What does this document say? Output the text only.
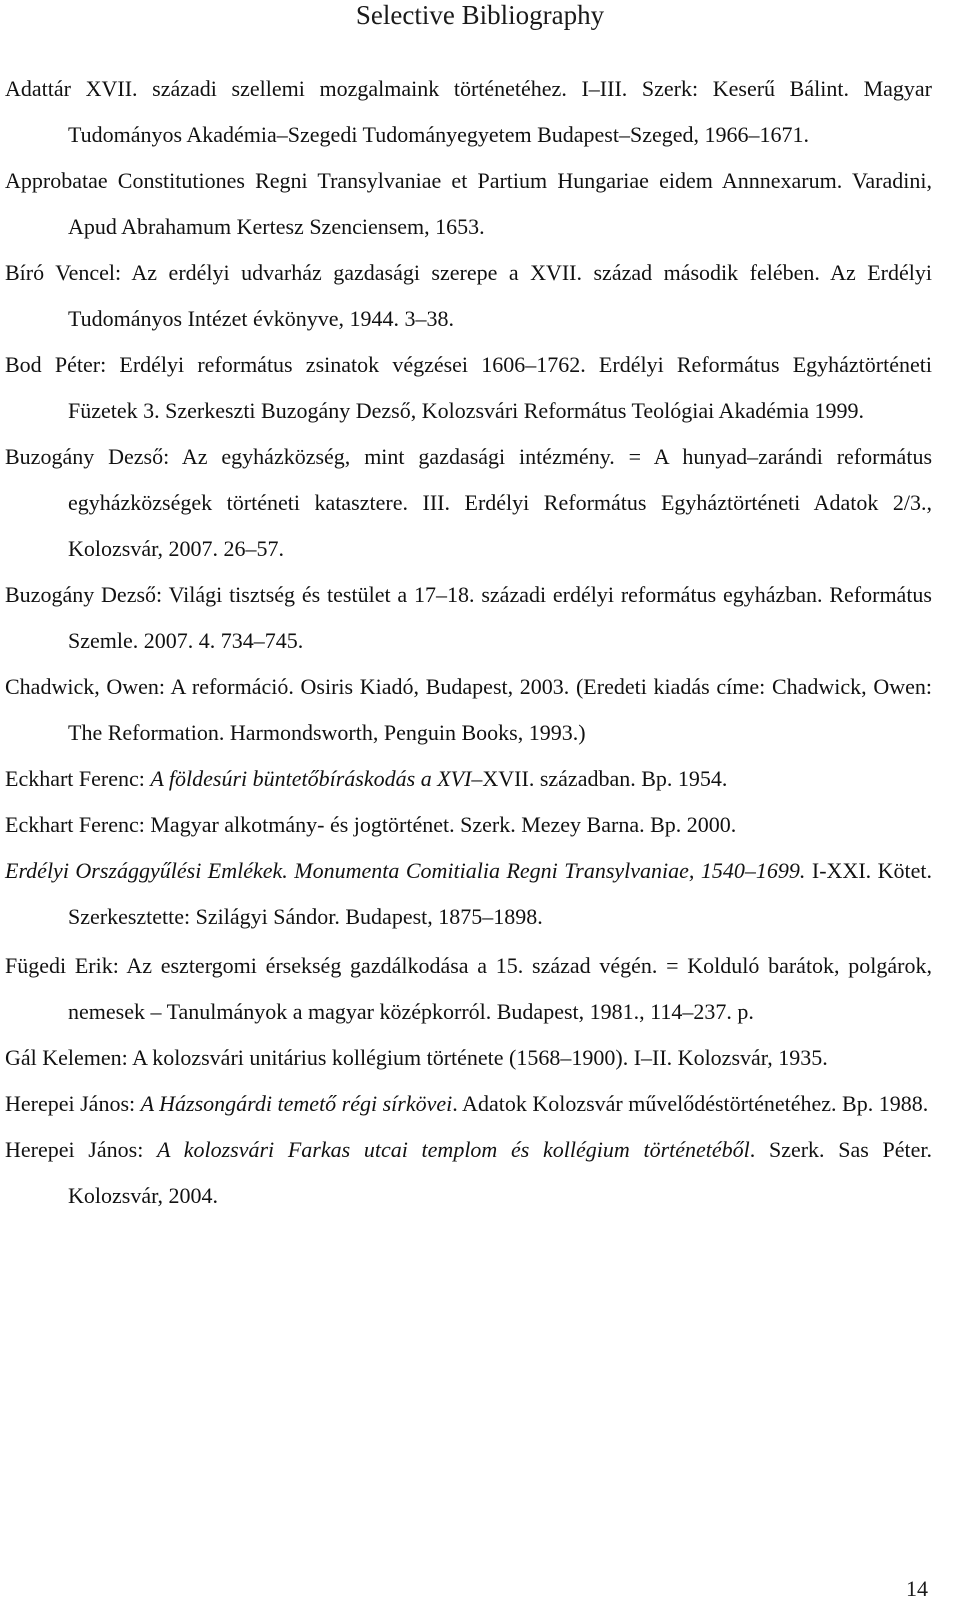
Selective Bibliography
Adattár XVII. századi szellemi mozgalmaink történetéhez. I–III. Szerk: Keserű Bálint. Magyar Tudományos Akadémia–Szegedi Tudományegyetem Budapest–Szeged, 1966–1671.
Approbatae Constitutiones Regni Transylvaniae et Partium Hungariae eidem Annnexarum. Varadini, Apud Abrahamum Kertesz Szenciensem, 1653.
Bíró Vencel: Az erdélyi udvarház gazdasági szerepe a XVII. század második felében. Az Erdélyi Tudományos Intézet évkönyve, 1944. 3–38.
Bod Péter: Erdélyi református zsinatok végzései 1606–1762. Erdélyi Református Egyháztörténeti Füzetek 3. Szerkeszti Buzogány Dezső, Kolozsvári Református Teológiai Akadémia 1999.
Buzogány Dezső: Az egyházközség, mint gazdasági intézmény. = A hunyad–zarándi református egyházközségek történeti katasztere. III. Erdélyi Református Egyháztörténeti Adatok 2/3., Kolozsvár, 2007. 26–57.
Buzogány Dezső: Világi tisztség és testület a 17–18. századi erdélyi református egyházban. Református Szemle. 2007. 4. 734–745.
Chadwick, Owen: A reformáció. Osiris Kiadó, Budapest, 2003. (Eredeti kiadás címe: Chadwick, Owen: The Reformation. Harmondsworth, Penguin Books, 1993.)
Eckhart Ferenc: A földesúri büntetőbíráskodás a XVI–XVII. században. Bp. 1954.
Eckhart Ferenc: Magyar alkotmány- és jogtörténet. Szerk. Mezey Barna. Bp. 2000.
Erdélyi Országgyűlési Emlékek. Monumenta Comitialia Regni Transylvaniae, 1540–1699. I-XXI. Kötet. Szerkesztette: Szilágyi Sándor. Budapest, 1875–1898.
Fügedi Erik: Az esztergomi érsekség gazdálkodása a 15. század végén. = Kolduló barátok, polgárok, nemesek – Tanulmányok a magyar középkorról. Budapest, 1981., 114–237. p.
Gál Kelemen: A kolozsvári unitárius kollégium története (1568–1900). I–II. Kolozsvár, 1935.
Herepei János: A Házsongárdi temető régi sírkövei. Adatok Kolozsvár művelődéstörténetéhez. Bp. 1988.
Herepei János: A kolozsvári Farkas utcai templom és kollégium történetéből. Szerk. Sas Péter. Kolozsvár, 2004.
14
